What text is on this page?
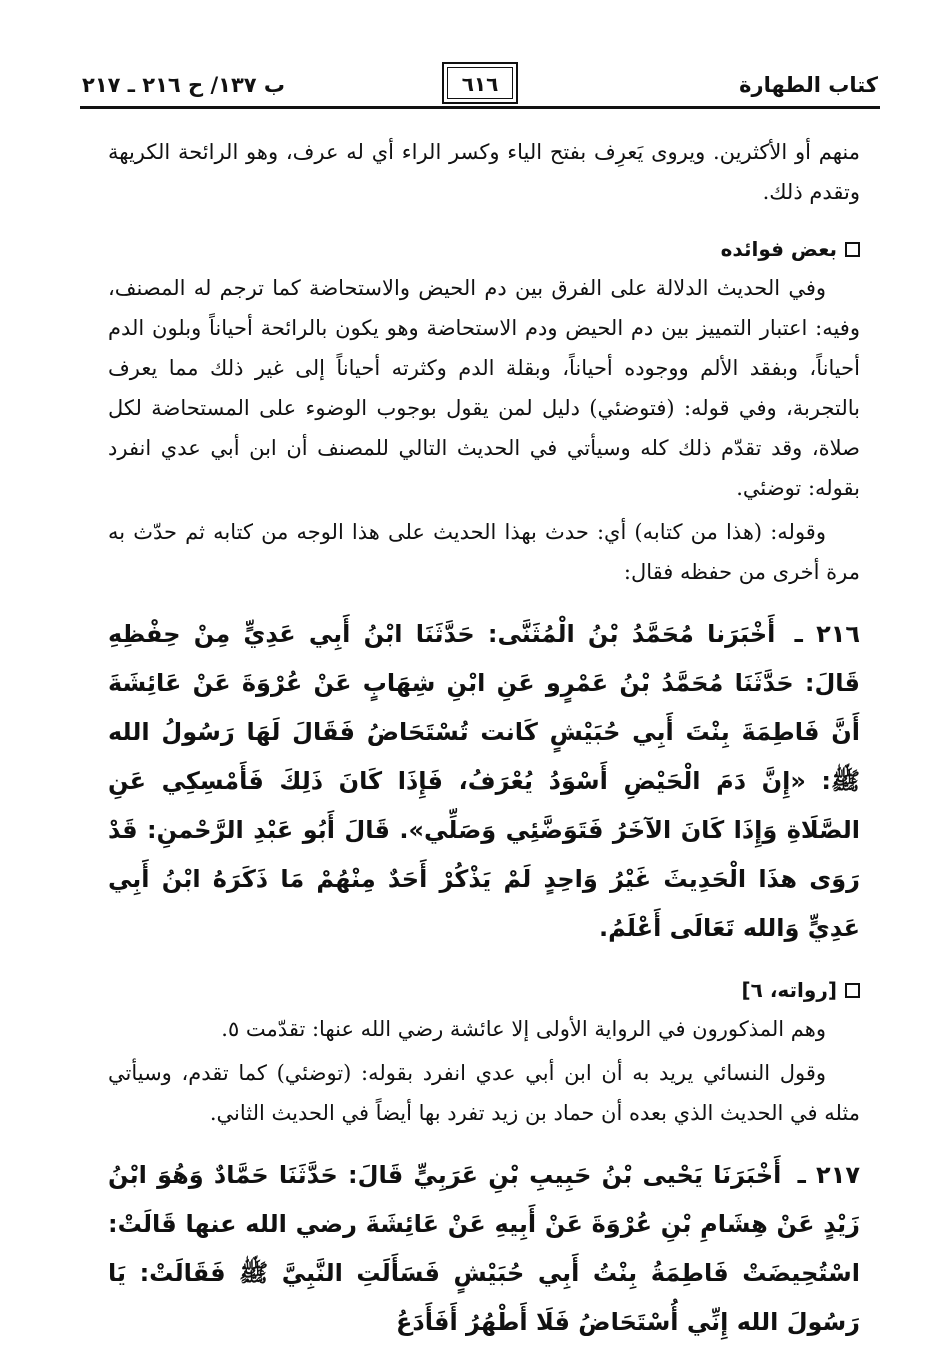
كتاب الطهارة
٦١٦
ب ١٣٧/ ح ٢١٦ ـ ٢١٧

منهم أو الأكثرين. ويروى يَعرِف بفتح الياء وكسر الراء أي له عرف، وهو الرائحة الكريهة وتقدم ذلك.

بعض فوائده

وفي الحديث الدلالة على الفرق بين دم الحيض والاستحاضة كما ترجم له المصنف، وفيه: اعتبار التمييز بين دم الحيض ودم الاستحاضة وهو يكون بالرائحة أحياناً وبلون الدم أحياناً، وبفقد الألم ووجوده أحياناً، وبقلة الدم وكثرته أحياناً إلى غير ذلك مما يعرف بالتجربة، وفي قوله: (فتوضئي) دليل لمن يقول بوجوب الوضوء على المستحاضة لكل صلاة، وقد تقدّم ذلك كله وسيأتي في الحديث التالي للمصنف أن ابن أبي عدي انفرد بقوله: توضئي.

وقوله: (هذا من كتابه) أي: حدث بهذا الحديث على هذا الوجه من كتابه ثم حدّث به مرة أخرى من حفظه فقال:

٢١٦ ـ أَخْبَرَنا مُحَمَّدُ بْنُ الْمُثَنَّى: حَدَّثَنَا ابْنُ أَبِي عَدِيٍّ مِنْ حِفْظِهِ قَالَ: حَدَّثَنَا مُحَمَّدُ بْنُ عَمْرٍو عَنِ ابْنِ شِهَابٍ عَنْ عُرْوَةَ عَنْ عَائِشَةَ أَنَّ فَاطِمَةَ بِنْتَ أَبِي حُبَيْشٍ كَانت تُسْتَحَاضُ فَقَالَ لَهَا رَسُولُ الله ﷺ: «إِنَّ دَمَ الْحَيْضِ أَسْوَدُ يُعْرَفُ، فَإِذَا كَانَ ذَلِكَ فَأَمْسِكِي عَنِ الصَّلَاةِ وَإِذَا كَانَ الآخَرُ فَتَوَضَّئِي وَصَلِّي». قَالَ أَبُو عَبْدِ الرَّحْمنِ: قَدْ رَوَى هذَا الْحَدِيثَ غَيْرُ وَاحِدٍ لَمْ يَذْكُرْ أَحَدٌ مِنْهُمْ مَا ذَكَرَهُ ابْنُ أَبِي عَدِيٍّ وَالله تَعَالَى أَعْلَمُ.

[رواته، ٦]

وهم المذكورون في الرواية الأولى إلا عائشة رضي الله عنها: تقدّمت ٥.

وقول النسائي يريد به أن ابن أبي عدي انفرد بقوله: (توضئي) كما تقدم، وسيأتي مثله في الحديث الذي بعده أن حماد بن زيد تفرد بها أيضاً في الحديث الثاني.

٢١٧ ـ أَخْبَرَنَا يَحْيى بْنُ حَبِيبِ بْنِ عَرَبِيٍّ قَالَ: حَدَّثَنَا حَمَّادٌ وَهُوَ ابْنُ زَيْدٍ عَنْ هِشَامِ بْنِ عُرْوَةَ عَنْ أَبِيهِ عَنْ عَائِشَةَ رضي الله عنها قَالَتْ: اسْتُحِيضَتْ فَاطِمَةُ بِنْتُ أَبِي حُبَيْشٍ فَسَأَلَتِ النَّبِيَّ ﷺ فَقَالَتْ: يَا رَسُولَ الله إِنِّي أُسْتَحَاضُ فَلَا أَطْهُرُ أَفَأَدَعُ
